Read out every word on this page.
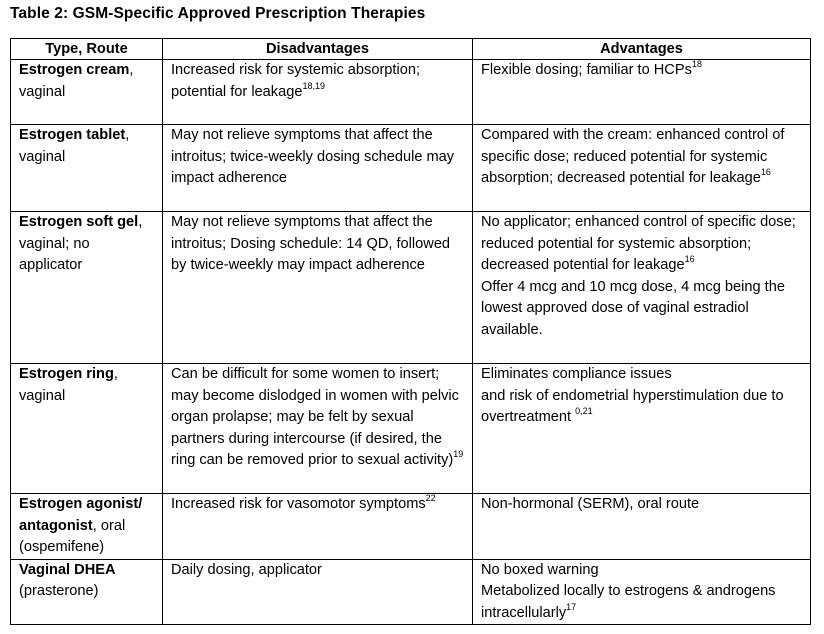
Table 2: GSM-Specific Approved Prescription Therapies
Type, Route	Disadvantages	Advantages
Estrogen cream, vaginal	Increased risk for systemic absorption; potential for leakage$^{18,19}$	Flexible dosing; familiar to HCPs$^{18}$

Estrogen tablet, vaginal	May not relieve symptoms that affect the introitus; twice-weekly dosing schedule may impact adherence	Compared with the cream: enhanced control of specific dose; reduced potential for systemic absorption; decreased potential for leakage$^{16}$

Estrogen soft gel, vaginal; no applicator	May not relieve symptoms that affect the introitus; Dosing schedule: 14 QD, followed by twice-weekly may impact adherence	No applicator; enhanced control of specific dose; reduced potential for systemic absorption; decreased potential for leakage$^{16}$
Offer 4 mcg and 10 mcg dose, 4 mcg being the lowest approved dose of vaginal estradiol available.

Estrogen ring, vaginal	Can be difficult for some women to insert; may become dislodged in women with pelvic organ prolapse; may be felt by sexual partners during intercourse (if desired, the ring can be removed prior to sexual activity)$^{19}$	Eliminates compliance issues
and risk of endometrial hyperstimulation due to overtreatment $^{0,21}$

Estrogen agonist/ antagonist, oral (ospemifene)	Increased risk for vasomotor symptoms$^{22}$	Non-hormonal (SERM), oral route

Vaginal DHEA (prasterone)	Daily dosing, applicator	No boxed warning
Metabolized locally to estrogens & androgens intracellularly$^{17}$
